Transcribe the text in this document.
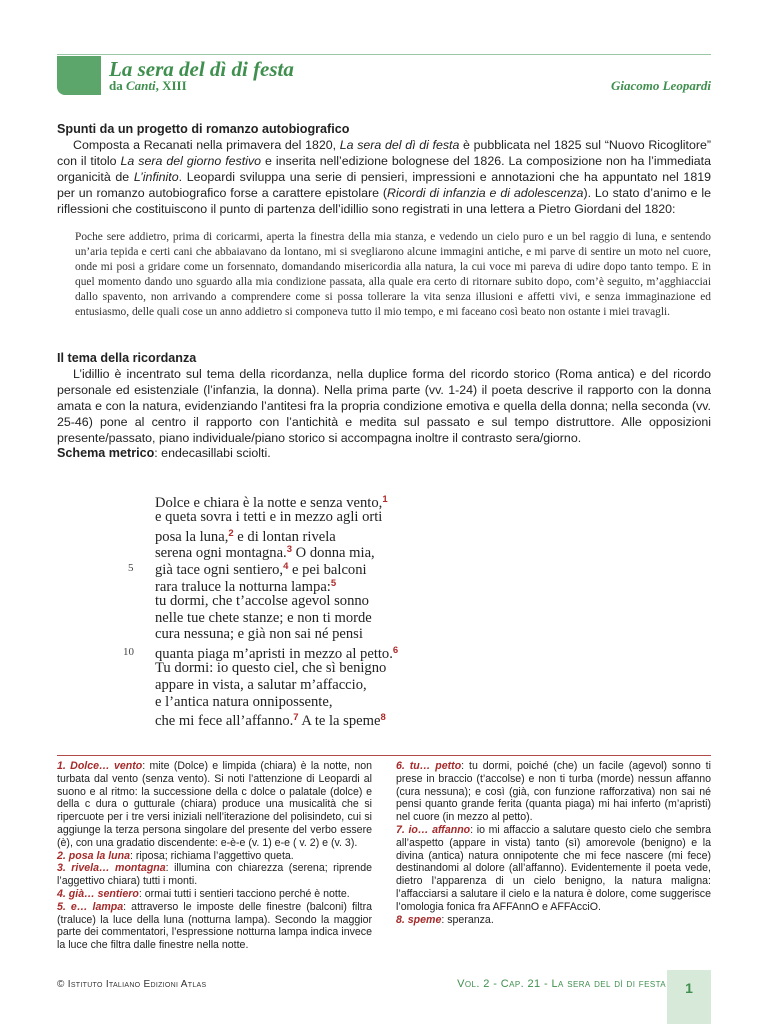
La sera del dì di festa
da Canti, XIII	Giacomo Leopardi
Spunti da un progetto di romanzo autobiografico

Composta a Recanati nella primavera del 1820, La sera del dì di festa è pubblicata nel 1825 sul “Nuovo Ricoglitore” con il titolo La sera del giorno festivo e inserita nell’edizione bolognese del 1826. La composizione non ha l’immediata organicità de L’infinito. Leopardi sviluppa una serie di pensieri, impressioni e annotazioni che ha appuntato nel 1819 per un romanzo autobiografico forse a carattere epistolare (Ricordi di infanzia e di adolescenza). Lo stato d’animo e le riflessioni che costituiscono il punto di partenza dell’idillio sono registrati in una lettera a Pietro Giordani del 1820:

Poche sere addietro, prima di coricarmi, aperta la finestra della mia stanza, e vedendo un cielo puro e un bel raggio di luna, e sentendo un’aria tepida e certi cani che abbaiavano da lontano, mi si svegliarono alcune immagini antiche, e mi parve di sentire un moto nel cuore, onde mi posi a gridare come un forsennato, domandando misericordia alla natura, la cui voce mi pareva di udire dopo tanto tempo. E in quel momento dando uno sguardo alla mia condizione passata, alla quale era certo di ritornare subito dopo, com’è seguito, m’agghiacciai dallo spavento, non arrivando a comprendere come si possa tollerare la vita senza illusioni e affetti vivi, e senza immaginazione ed entusiasmo, delle quali cose un anno addietro si componeva tutto il mio tempo, e mi faceano così beato non ostante i miei travagli.
Il tema della ricordanza

L’idillio è incentrato sul tema della ricordanza, nella duplice forma del ricordo storico (Roma antica) e del ricordo personale ed esistenziale (l’infanzia, la donna). Nella prima parte (vv. 1-24) il poeta descrive il rapporto con la donna amata e con la natura, evidenziando l’antitesi fra la propria condizione emotiva e quella della donna; nella seconda (vv. 25-46) pone al centro il rapporto con l’antichità e medita sul passato e sul tempo distruttore. Alle opposizioni presente/passato, piano individuale/piano storico si accompagna inoltre il contrasto sera/giorno.

Schema metrico: endecasillabi sciolti.
5
10
Dolce e chiara è la notte e senza vento,$^1$
e queta sovra i tetti e in mezzo agli orti
posa la luna,$^2$ e di lontan rivela
serena ogni montagna.$^3$ O donna mia,
già tace ogni sentiero,$^4$ e pei balconi
rara traluce la notturna lampa:$^5$
tu dormi, che t’accolse agevol sonno
nelle tue chete stanze; e non ti morde
cura nessuna; e già non sai né pensi
quanta piaga m’apristi in mezzo al petto.$^6$
Tu dormi: io questo ciel, che sì benigno
appare in vista, a salutar m’affaccio,
e l’antica natura onnipossente,
che mi fece all’affanno.$^7$ A te la speme$^8$

1. Dolce… vento: mite (Dolce) e limpida (chiara) è la notte, non turbata dal vento (senza vento). Si noti l’attenzione di Leopardi al suono e al ritmo: la successione della c dolce o palatale (dolce) e della c dura o gutturale (chiara) produce una musicalità che si ripercuote per i tre versi iniziali nell’iterazione del polisindeto, cui si aggiunge la terza persona singolare del presente del verbo essere (è), con una gradatio discendente: e-è-e (v. 1) e-e ( v. 2) e (v. 3).

2. posa la luna: riposa; richiama l’aggettivo queta.

3. rivela… montagna: illumina con chiarezza (serena; riprende l’aggettivo chiara) tutti i monti.

4. già… sentiero: ormai tutti i sentieri tacciono perché è notte.

5. e… lampa: attraverso le imposte delle finestre (balconi) filtra (traluce) la luce della luna (notturna lampa). Secondo la maggior parte dei commentatori, l’espressione notturna lampa indica invece la luce che filtra dalle finestre nella notte.

6. tu… petto: tu dormi, poiché (che) un facile (agevol) sonno ti prese in braccio (t’accolse) e non ti turba (morde) nessun affanno (cura nessuna); e così (già, con funzione rafforzativa) non sai né pensi quanto grande ferita (quanta piaga) mi hai inferto (m’apristi) nel cuore (in mezzo al petto).

7. io… affanno: io mi affaccio a salutare questo cielo che sembra all’aspetto (appare in vista) tanto (sì) amorevole (benigno) e la divina (antica) natura onnipotente che mi fece nascere (mi fece) destinandomi al dolore (all’affanno). Evidentemente il poeta vede, dietro l’apparenza di un cielo benigno, la natura maligna: l’affacciarsi a salutare il cielo e la natura è dolore, come suggerisce l’omologia fonica fra AFFAnnO e AFFAcciO.

8. speme: speranza.

© Istituto Italiano Edizioni Atlas	Vol. 2 - Cap. 21 - La sera del dì di festa	1
